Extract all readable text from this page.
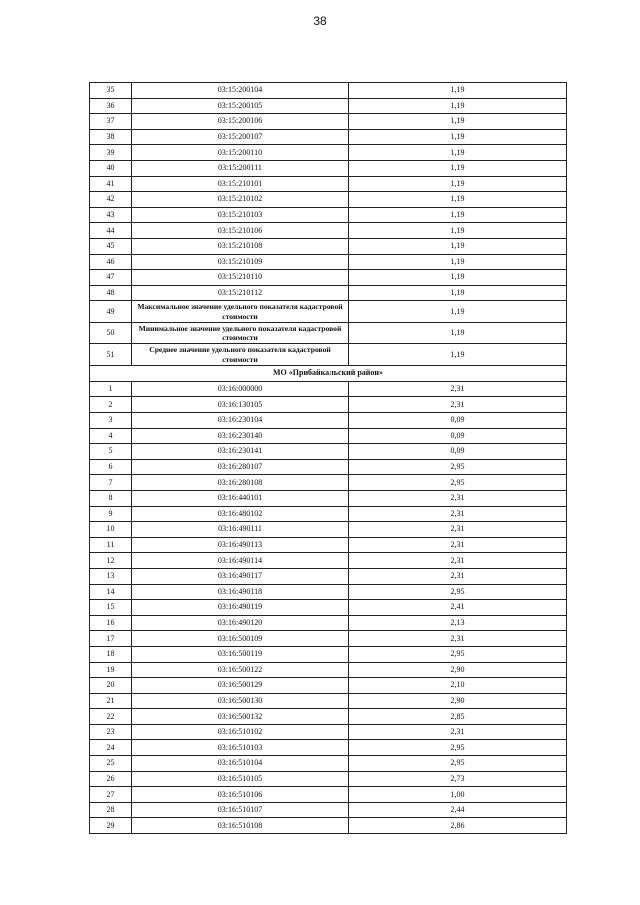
38
35	03:15:200104	1,19
36	03:15:200105	1,19
37	03:15:200106	1,19
38	03:15:200107	1,19
39	03:15:200110	1,19
40	03:15:200111	1,19
41	03:15:210101	1,19
42	03:15:210102	1,19
43	03:15:210103	1,19
44	03:15:210106	1,19
45	03:15:210108	1,19
46	03:15:210109	1,19
47	03:15:210110	1,19
48	03:15:210112	1,19
49	Максимальное значение удельного показателя кадастровой стоимости	1,19
50	Минимальное значение удельного показателя кадастровой стоимости	1,19
51	Среднее значение удельного показателя кадастровой стоимости	1,19
МО «Прибайкальский район»		
1	03:16:000000	2,31
2	03:16:130105	2,31
3	03:16:230104	0,09
4	03:16:230140	0,09
5	03:16:230141	0,09
6	03:16:280107	2,95
7	03:16:280108	2,95
8	03:16:440101	2,31
9	03:16:480102	2,31
10	03:16:490111	2,31
11	03:16:490113	2,31
12	03:16:490114	2,31
13	03:16:490117	2,31
14	03:16:490118	2,95
15	03:16:490119	2,41
16	03:16:490120	2,13
17	03:16:500109	2,31
18	03:16:500119	2,95
19	03:16:500122	2,90
20	03:16:500129	2,10
21	03:16:500130	2,90
22	03:16:500132	2,85
23	03:16:510102	2,31
24	03:16:510103	2,95
25	03:16:510104	2,95
26	03:16:510105	2,73
27	03:16:510106	1,00
28	03:16:510107	2,44
29	03:16:510108	2,86
